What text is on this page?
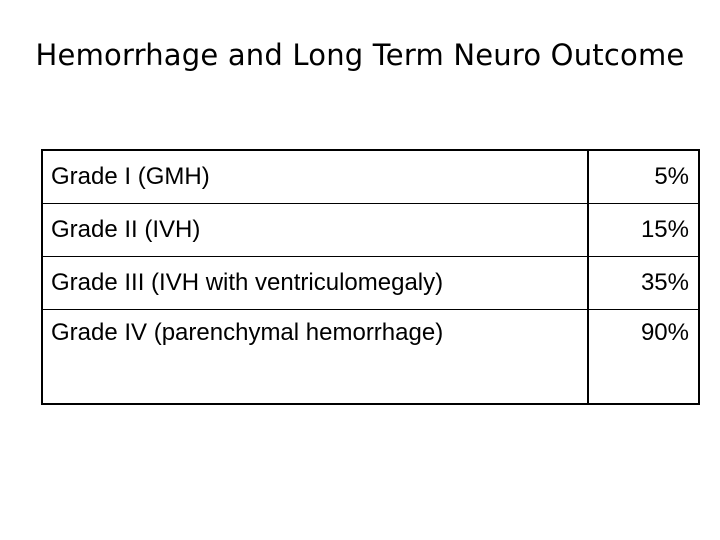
Hemorrhage and Long Term Neuro Outcome
Grade I (GMH)	5%
Grade II (IVH)	15%
Grade III (IVH with ventriculomegaly)	35%
Grade IV (parenchymal hemorrhage)	90%
